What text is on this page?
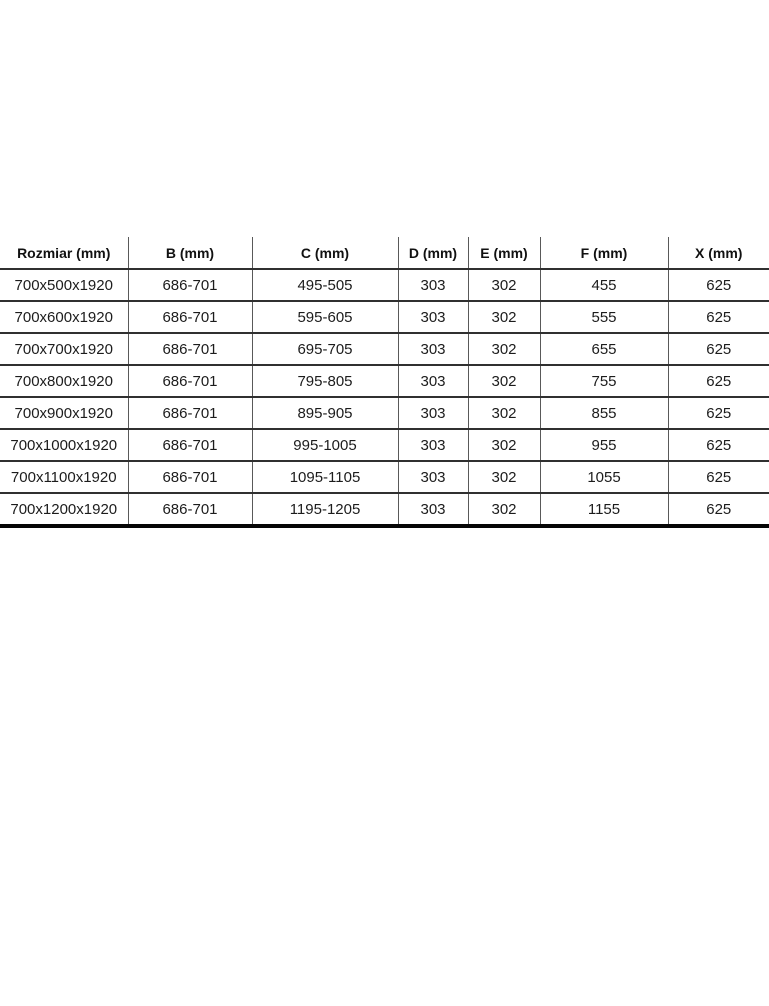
Rozmiar (mm)	B (mm)	C (mm)	D (mm)	E (mm)	F (mm)	X (mm)
700x500x1920	686-701	495-505	303	302	455	625
700x600x1920	686-701	595-605	303	302	555	625
700x700x1920	686-701	695-705	303	302	655	625
700x800x1920	686-701	795-805	303	302	755	625
700x900x1920	686-701	895-905	303	302	855	625
700x1000x1920	686-701	995-1005	303	302	955	625
700x1100x1920	686-701	1095-1105	303	302	1055	625
700x1200x1920	686-701	1195-1205	303	302	1155	625
